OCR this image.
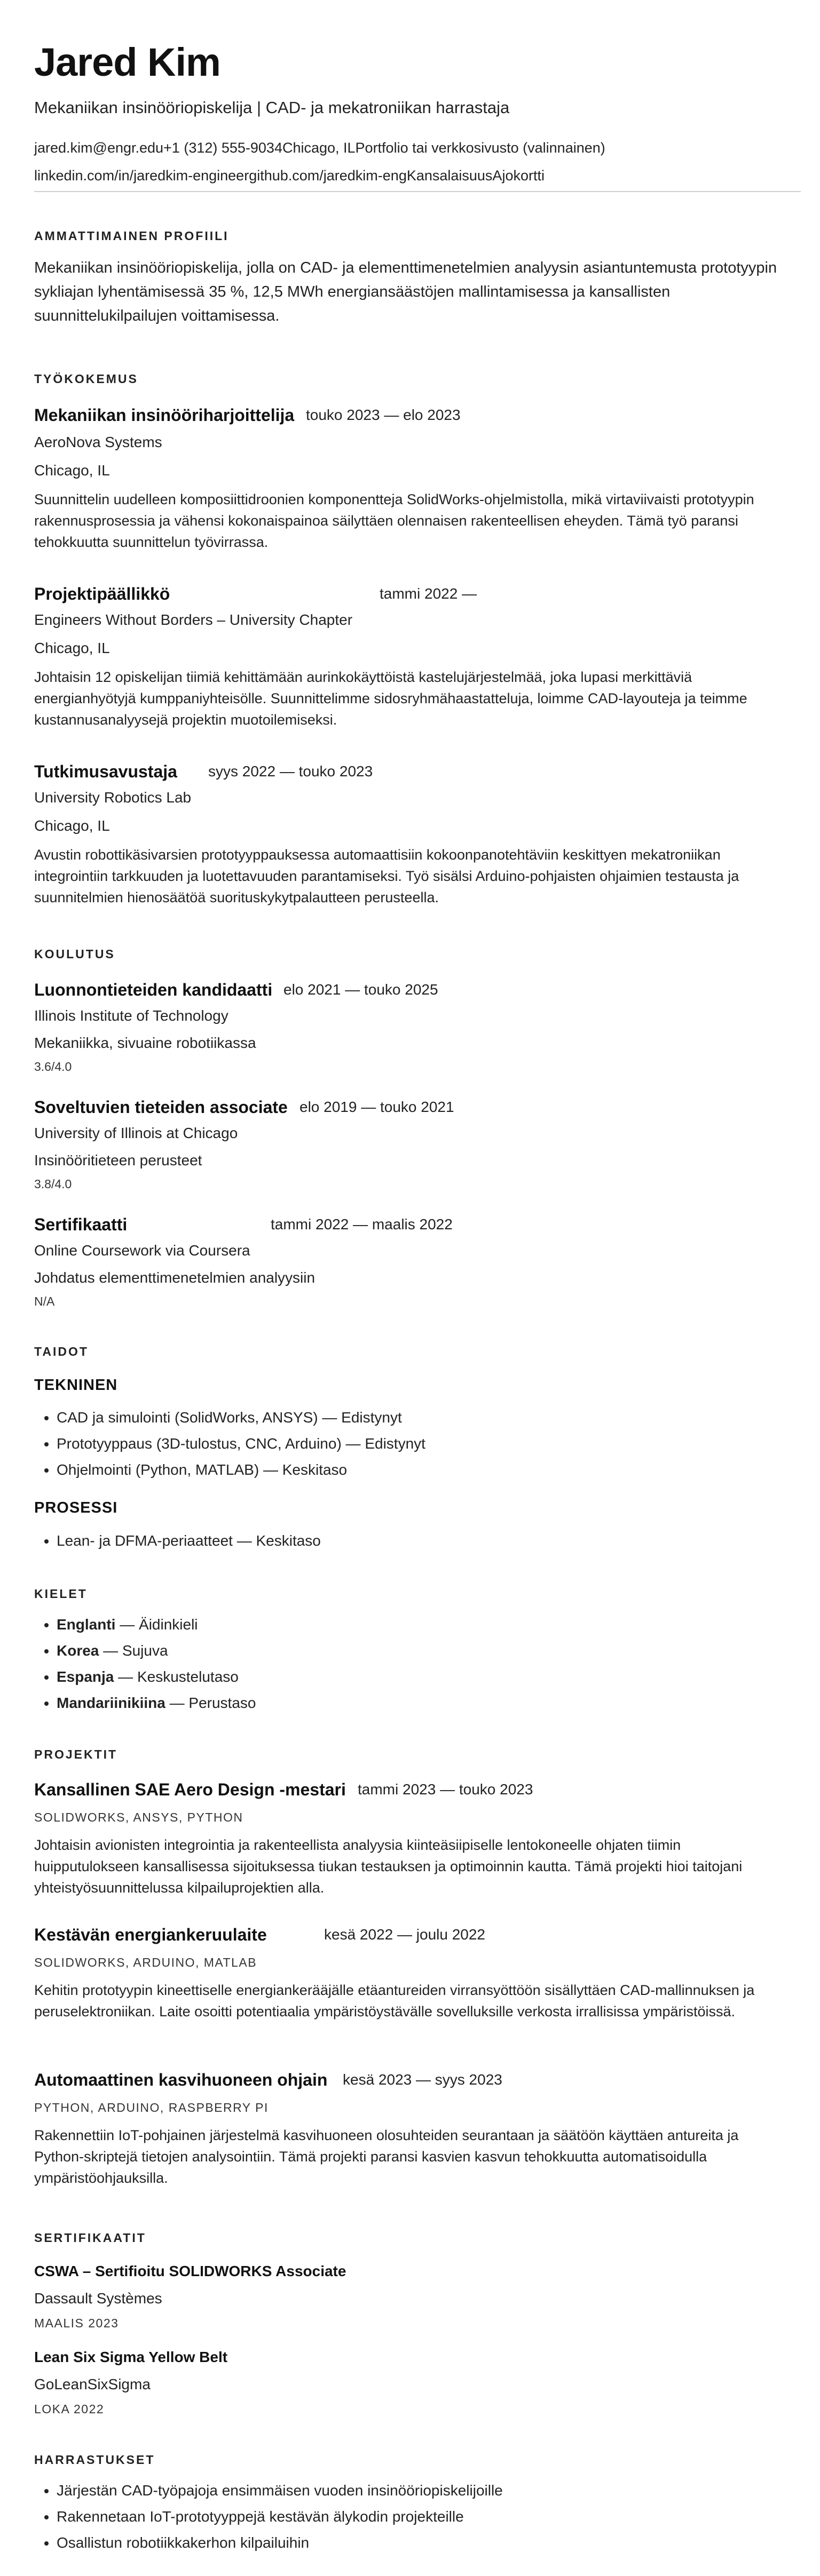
Jared Kim
Mekaniikan insinööriopiskelija | CAD- ja mekatroniikan harrastaja
jared.kim@engr.edu+1 (312) 555-9034Chicago, ILPortfolio tai verkkosivusto (valinnainen)
linkedin.com/in/jaredkim-engineergithub.com/jaredkim-engKansalaisuusAjokortti
AMMATTIMAINEN PROFIILI
Mekaniikan insinööriopiskelija, jolla on CAD- ja elementtimenetelmien analyysin asiantuntemusta prototyypin sykliajan lyhentämisessä 35 %, 12,5 MWh energiansäästöjen mallintamisessa ja kansallisten suunnittelukilpailujen voittamisessa.
TYÖKOKEMUS
Mekaniikan insinööriharjoittelija touko 2023 — elo 2023
AeroNova Systems
Chicago, IL
Suunnittelin uudelleen komposiittidroonien komponentteja SolidWorks-ohjelmistolla, mikä virtaviivaisti prototyypin rakennusprosessia ja vähensi kokonaispainoa säilyttäen olennaisen rakenteellisen eheyden. Tämä työ paransi tehokkuutta suunnittelun työvirrassa.
Projektipäällikkö	tammi 2022 —
Engineers Without Borders – University Chapter
Chicago, IL
Johtaisin 12 opiskelijan tiimiä kehittämään aurinkokäyttöistä kastelujärjestelmää, joka lupasi merkittäviä energianhyötyjä kumppaniyhteisölle. Suunnittelimme sidosryhmähaastatteluja, loimme CAD-layouteja ja teimme kustannusanalyysejä projektin muotoilemiseksi.
Tutkimusavustaja syys 2022 — touko 2023
University Robotics Lab
Chicago, IL
Avustin robottikäsivarsien prototyyppauksessa automaattisiin kokoonpanotehtäviin keskittyen mekatroniikan integrointiin tarkkuuden ja luotettavuuden parantamiseksi. Työ sisälsi Arduino-pohjaisten ohjaimien testausta ja suunnitelmien hienosäätöä suorituskykytpalautteen perusteella.
KOULUTUS
Luonnontieteiden kandidaatti elo 2021 — touko 2025
Illinois Institute of Technology
Mekaniikka, sivuaine robotiikassa
3.6/4.0
Soveltuvien tieteiden associate elo 2019 — touko 2021
University of Illinois at Chicago
Insinööritieteen perusteet
3.8/4.0
Sertifikaatti	tammi 2022 — maalis 2022
Online Coursework via Coursera
Johdatus elementtimenetelmien analyysiin
N/A
TAIDOT
TEKNINEN
• CAD ja simulointi (SolidWorks, ANSYS) — Edistynyt
• Prototyyppaus (3D-tulostus, CNC, Arduino) — Edistynyt
• Ohjelmointi (Python, MATLAB) — Keskitaso
PROSESSI
• Lean- ja DFMA-periaatteet — Keskitaso
KIELET
• Englanti — Äidinkieli
• Korea — Sujuva
• Espanja — Keskustelutaso
• Mandariinikiina — Perustaso
PROJEKTIT
Kansallinen SAE Aero Design -mestari tammi 2023 — touko 2023
SOLIDWORKS, ANSYS, PYTHON
Johtaisin avionisten integrointia ja rakenteellista analyysia kiinteäsiipiselle lentokoneelle ohjaten tiimin huipputulokseen kansallisessa sijoituksessa tiukan testauksen ja optimoinnin kautta. Tämä projekti hioi taitojani yhteistyösuunnittelussa kilpailuprojektien alla.
Kestävän energiankeruulaite	kesä 2022 — joulu 2022
SOLIDWORKS, ARDUINO, MATLAB
Kehitin prototyypin kineettiselle energiankerääjälle etäantureiden virransyöttöön sisällyttäen CAD-mallinnuksen ja peruselektroniikan. Laite osoitti potentiaalia ympäristöystävälle sovelluksille verkosta irrallisissa ympäristöissä.
Automaattinen kasvihuoneen ohjain kesä 2023 — syys 2023
PYTHON, ARDUINO, RASPBERRY PI
Rakennettiin IoT-pohjainen järjestelmä kasvihuoneen olosuhteiden seurantaan ja säätöön käyttäen antureita ja Python-skriptejä tietojen analysointiin. Tämä projekti paransi kasvien kasvun tehokkuutta automatisoidulla ympäristöohjauksilla.
SERTIFIKAATIT
CSWA – Sertifioitu SOLIDWORKS Associate
Dassault Systèmes
MAALIS 2023
Lean Six Sigma Yellow Belt
GoLeanSixSigma
LOKA 2022
HARRASTUKSET
• Järjestän CAD-työpajoja ensimmäisen vuoden insinööriopiskelijoille
• Rakennetaan IoT-prototyyppejä kestävän älykodin projekteille
• Osallistun robotiikkakerhon kilpailuihin
